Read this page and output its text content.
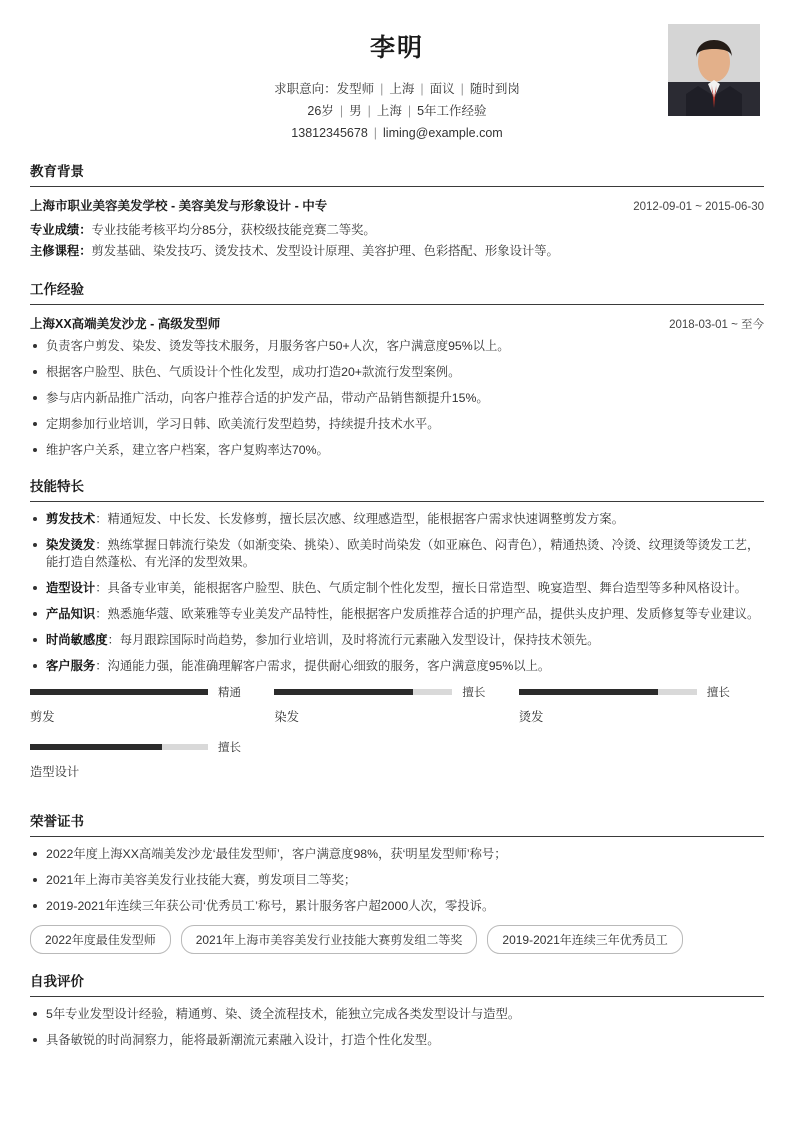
李明
求职意向：发型师 | 上海 | 面议 | 随时到岗
26岁 | 男 | 上海 | 5年工作经验
13812345678 | liming@example.com
教育背景
上海市职业美容美发学校 - 美容美发与形象设计 - 中专	2012-09-01 ~ 2015-06-30
专业成绩：专业技能考核平均分85分，获校级技能竞赛二等奖。
主修课程：剪发基础、染发技巧、烫发技术、发型设计原理、美容护理、色彩搭配、形象设计等。
工作经验
上海XX高端美发沙龙 - 高级发型师	2018-03-01 ~ 至今
负责客户剪发、染发、烫发等技术服务，月服务客户50+人次，客户满意度95%以上。
根据客户脸型、肤色、气质设计个性化发型，成功打造20+款流行发型案例。
参与店内新品推广活动，向客户推荐合适的护发产品，带动产品销售额提升15%。
定期参加行业培训，学习日韩、欧美流行发型趋势，持续提升技术水平。
维护客户关系，建立客户档案，客户复购率达70%。
技能特长
剪发技术：精通短发、中长发、长发修剪，擅长层次感、纹理感造型，能根据客户需求快速调整剪发方案。
染发烫发：熟练掌握日韩流行染发（如渐变染、挑染）、欧美时尚染发（如亚麻色、闷青色），精通热烫、冷烫、纹理烫等烫发工艺，能打造自然蓬松、有光泽的发型效果。
造型设计：具备专业审美，能根据客户脸型、肤色、气质定制个性化发型，擅长日常造型、晚宴造型、舞台造型等多种风格设计。
产品知识：熟悉施华蔻、欧莱雅等专业美发产品特性，能根据客户发质推荐合适的护理产品，提供头皮护理、发质修复等专业建议。
时尚敏感度：每月跟踪国际时尚趋势，参加行业培训，及时将流行元素融入发型设计，保持技术领先。
客户服务：沟通能力强，能准确理解客户需求，提供耐心细致的服务，客户满意度95%以上。
精通
剪发
擅长
染发
擅长
烫发
擅长
造型设计
荣誉证书
2022年度上海XX高端美发沙龙‘最佳发型师’，客户满意度98%，获‘明星发型师’称号；
2021年上海市美容美发行业技能大赛，剪发项目二等奖；
2019-2021年连续三年获公司‘优秀员工’称号，累计服务客户超2000人次，零投诉。
2022年度最佳发型师	2021年上海市美容美发行业技能大赛剪发组二等奖	2019-2021年连续三年优秀员工
自我评价
5年专业发型设计经验，精通剪、染、烫全流程技术，能独立完成各类发型设计与造型。
具备敏锐的时尚洞察力，能将最新潮流元素融入设计，打造个性化发型。
